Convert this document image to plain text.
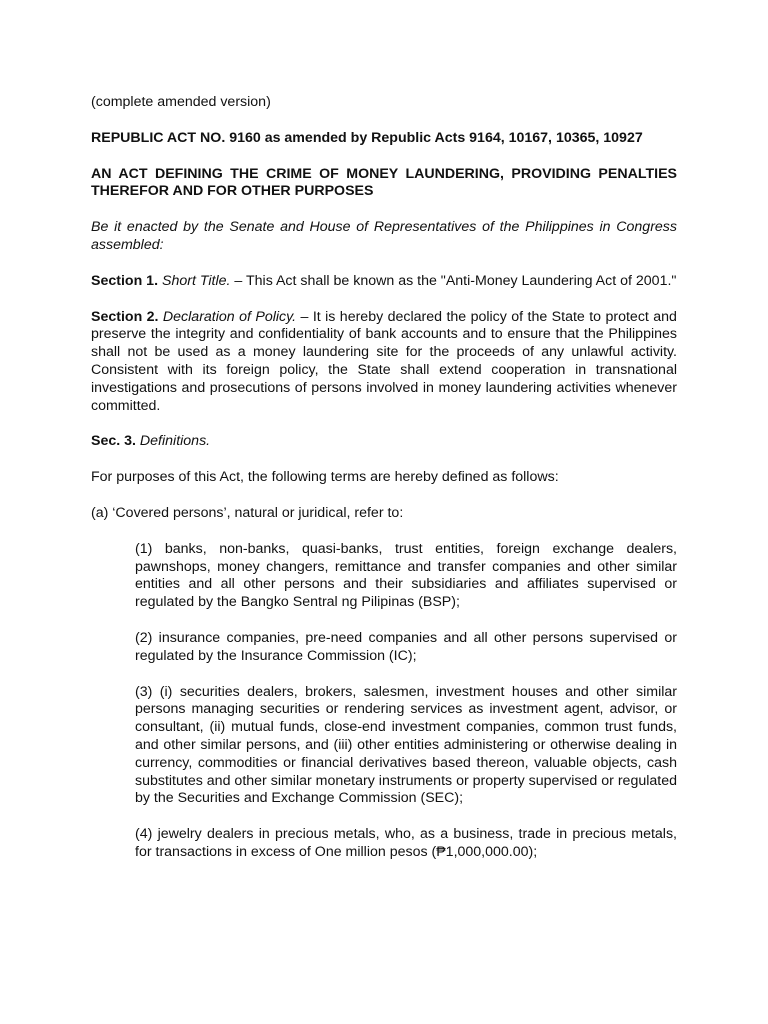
(complete amended version)

REPUBLIC ACT NO. 9160 as amended by Republic Acts 9164, 10167, 10365, 10927

AN ACT DEFINING THE CRIME OF MONEY LAUNDERING, PROVIDING PENALTIES THEREFOR AND FOR OTHER PURPOSES

Be it enacted by the Senate and House of Representatives of the Philippines in Congress assembled:

Section 1. Short Title. – This Act shall be known as the "Anti-Money Laundering Act of 2001."

Section 2. Declaration of Policy. – It is hereby declared the policy of the State to protect and preserve the integrity and confidentiality of bank accounts and to ensure that the Philippines shall not be used as a money laundering site for the proceeds of any unlawful activity. Consistent with its foreign policy, the State shall extend cooperation in transnational investigations and prosecutions of persons involved in money laundering activities whenever committed.

Sec. 3. Definitions.

For purposes of this Act, the following terms are hereby defined as follows:

(a) ‘Covered persons’, natural or juridical, refer to:

(1) banks, non-banks, quasi-banks, trust entities, foreign exchange dealers, pawnshops, money changers, remittance and transfer companies and other similar entities and all other persons and their subsidiaries and affiliates supervised or regulated by the Bangko Sentral ng Pilipinas (BSP);

(2) insurance companies, pre-need companies and all other persons supervised or regulated by the Insurance Commission (IC);

(3) (i) securities dealers, brokers, salesmen, investment houses and other similar persons managing securities or rendering services as investment agent, advisor, or consultant, (ii) mutual funds, close-end investment companies, common trust funds, and other similar persons, and (iii) other entities administering or otherwise dealing in currency, commodities or financial derivatives based thereon, valuable objects, cash substitutes and other similar monetary instruments or property supervised or regulated by the Securities and Exchange Commission (SEC);

(4) jewelry dealers in precious metals, who, as a business, trade in precious metals, for transactions in excess of One million pesos (₱1,000,000.00);
